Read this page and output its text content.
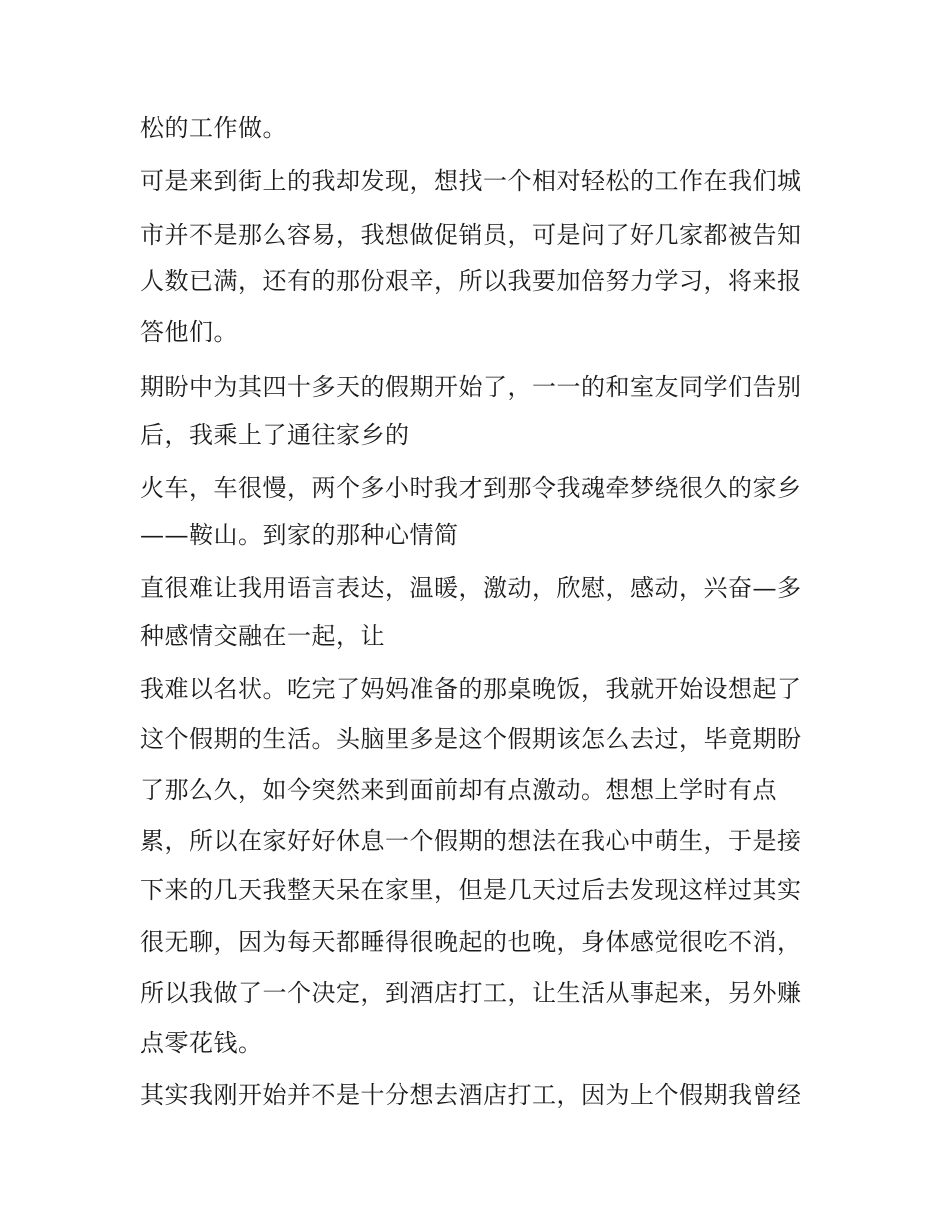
松的工作做。

可是来到街上的我却发现，想找一个相对轻松的工作在我们城

市并不是那么容易，我想做促销员，可是问了好几家都被告知

人数已满，还有的那份艰辛，所以我要加倍努力学习，将来报

答他们。

期盼中为其四十多天的假期开始了，一一的和室友同学们告别

后，我乘上了通往家乡的

火车，车很慢，两个多小时我才到那令我魂牵梦绕很久的家乡

——鞍山。到家的那种心情简

直很难让我用语言表达，温暖，激动，欣慰，感动，兴奋—多

种感情交融在一起，让

我难以名状。吃完了妈妈准备的那桌晚饭，我就开始设想起了

这个假期的生活。头脑里多是这个假期该怎么去过，毕竟期盼

了那么久，如今突然来到面前却有点激动。想想上学时有点

累，所以在家好好休息一个假期的想法在我心中萌生，于是接

下来的几天我整天呆在家里，但是几天过后去发现这样过其实

很无聊，因为每天都睡得很晚起的也晚，身体感觉很吃不消，

所以我做了一个决定，到酒店打工，让生活从事起来，另外赚

点零花钱。

其实我刚开始并不是十分想去酒店打工，因为上个假期我曾经
